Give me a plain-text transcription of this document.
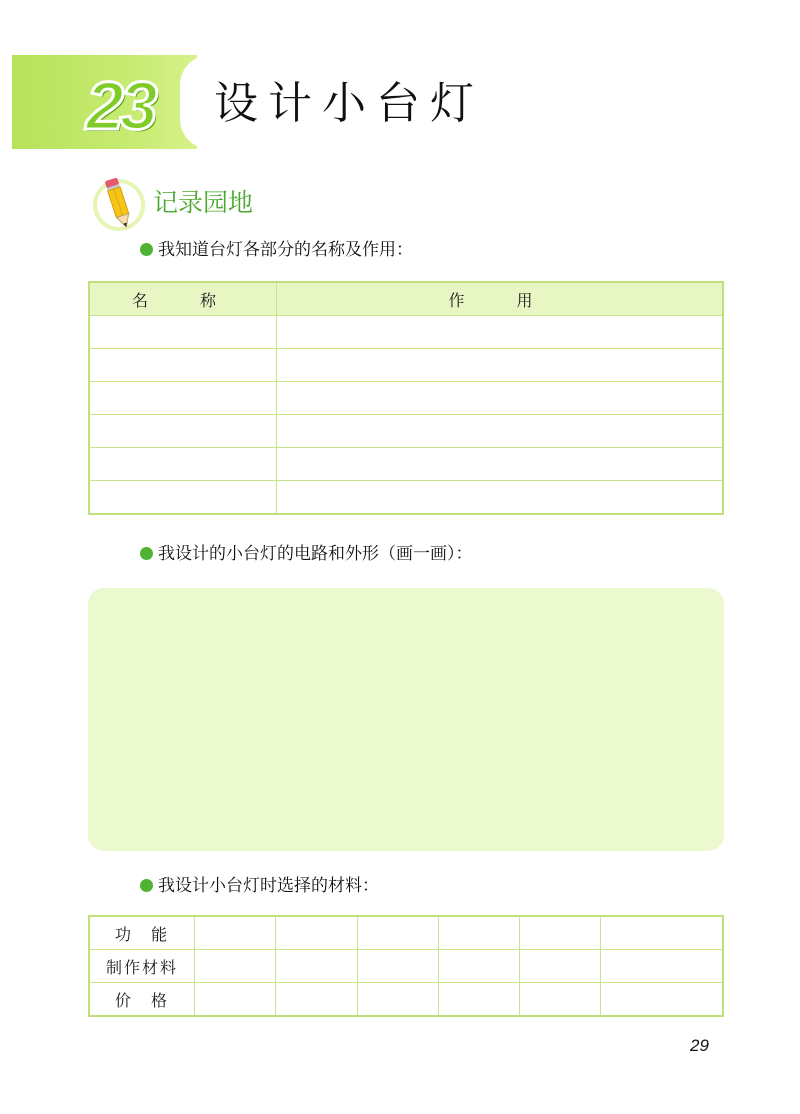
23 设计小台灯
记录园地
我知道台灯各部分的名称及作用：
名　称	作　用

我设计的小台灯的电路和外形（画一画）：
我设计小台灯时选择的材料：
功　能						
制作材料						
价　格						
29
